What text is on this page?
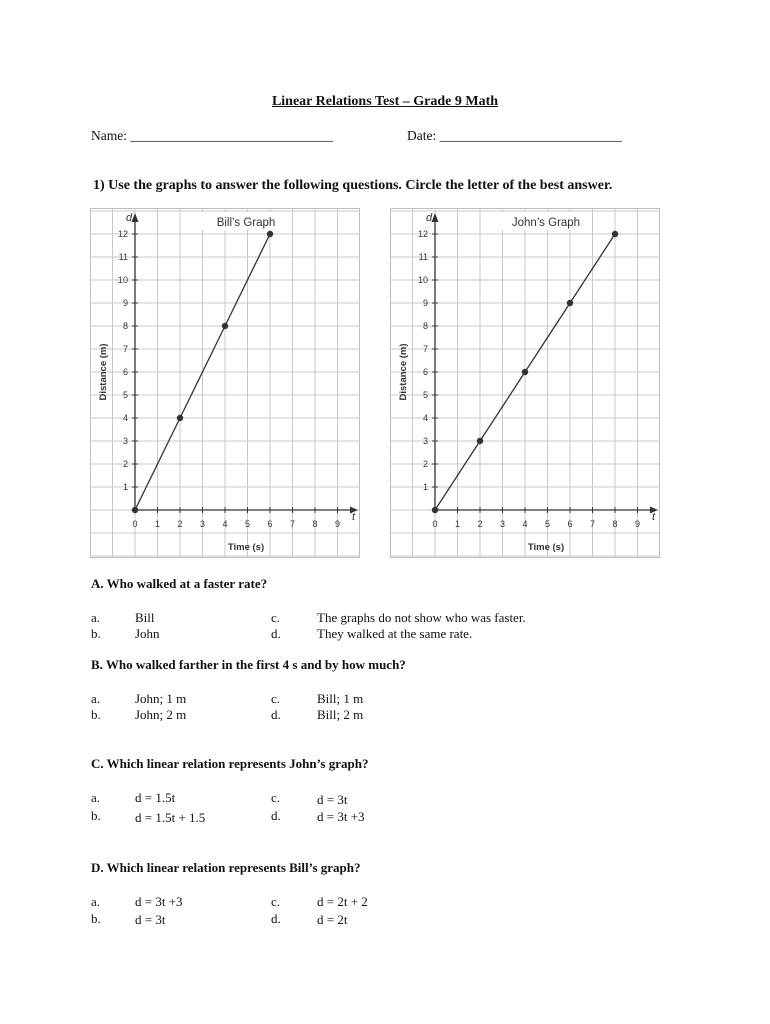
Linear Relations Test – Grade 9 Math
Name: ______________________________	Date: ___________________________
1) Use the graphs to answer the following questions. Circle the letter of the best answer.
0 1 2 3 4 5 6 7 8 9
1
2
3
4
5
6
7
8
9
10
11
12
d
t
Time (s)
Distance (m)
Bill’s Graph
0 1 2 3 4 5 6 7 8 9
1
2
3
4
5
6
7
8
9
10
11
12
d
t
Time (s)
Distance (m)
John’s Graph
A. Who walked at a faster rate?
a.	Bill
b.	John
c.	The graphs do not show who was faster.
d.	They walked at the same rate.
B. Who walked farther in the first 4 s and by how much?
a.	John; 1 m
b.	John; 2 m
c.	Bill; 1 m
d.	Bill; 2 m
C. Which linear relation represents John’s graph?
a.	d = 1.5t
b.	d = 1.5t + 1.5
c.	d = 3t
d.	d = 3t +3
D. Which linear relation represents Bill’s graph?
a.	d = 3t +3
b.	d = 3t
c.	d = 2t + 2
d.	d = 2t
